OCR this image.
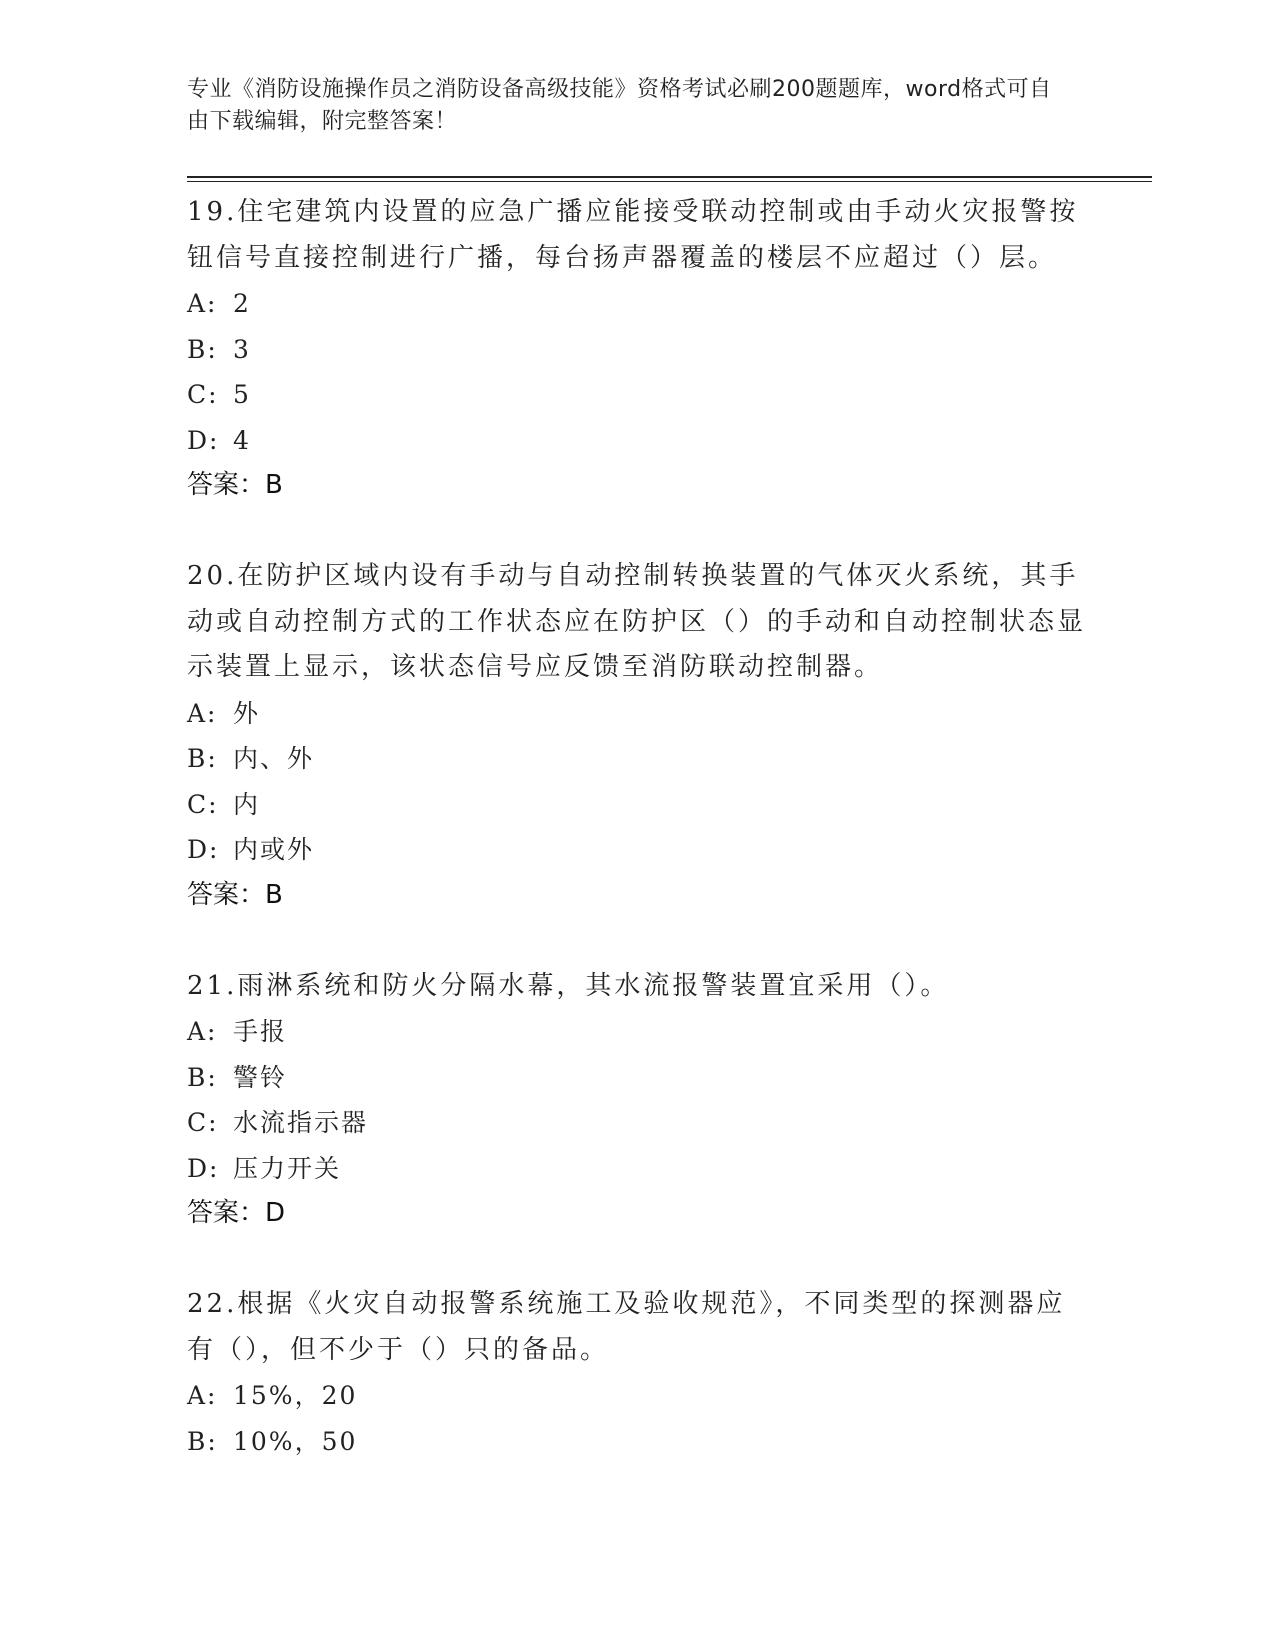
专业《消防设施操作员之消防设备高级技能》资格考试必刷200题题库，word格式可自由下载编辑，附完整答案！

19.住宅建筑内设置的应急广播应能接受联动控制或由手动火灾报警按钮信号直接控制进行广播，每台扬声器覆盖的楼层不应超过（）层。

A: 2

B: 3

C: 5

D: 4

答案：B

20.在防护区域内设有手动与自动控制转换装置的气体灭火系统，其手动或自动控制方式的工作状态应在防护区（）的手动和自动控制状态显示装置上显示，该状态信号应反馈至消防联动控制器。

A: 外

B: 内、外

C: 内

D: 内或外

答案：B

21.雨淋系统和防火分隔水幕，其水流报警装置宜采用（）。

A: 手报

B: 警铃

C: 水流指示器

D: 压力开关

答案：D

22.根据《火灾自动报警系统施工及验收规范》，不同类型的探测器应有（），但不少于（）只的备品。

A: 15%，20

B: 10%，50
